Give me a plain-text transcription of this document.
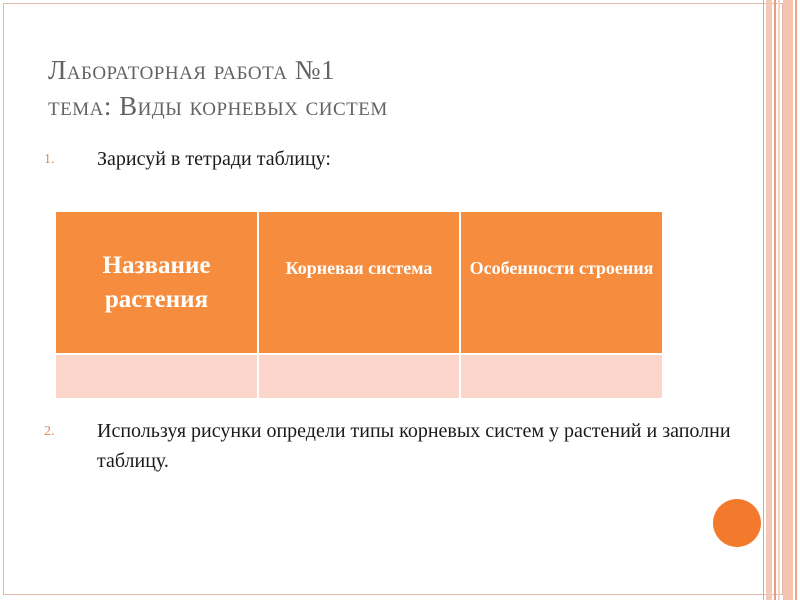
Лабораторная работа №1
тема: Виды корневых систем
1. Зарисуй в тетради таблицу:
Название растения	Корневая система	Особенности строения

2. Используя рисунки определи типы корневых систем у растений и заполни таблицу.
